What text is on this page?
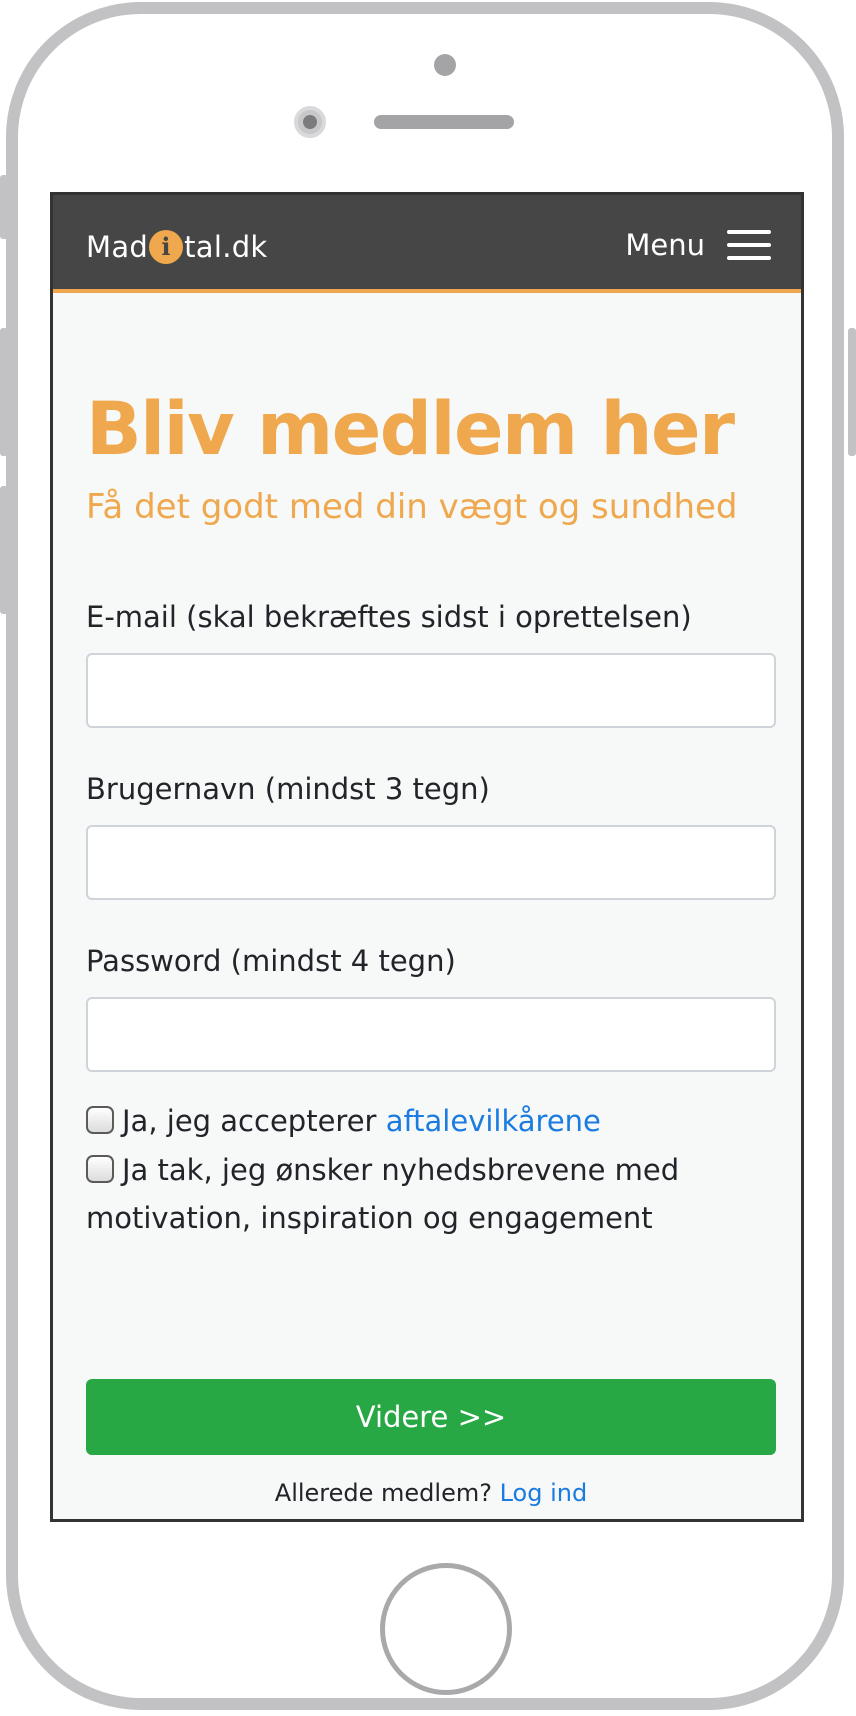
Mad i tal.dk	Menu
Bliv medlem her
Få det godt med din vægt og sundhed
E-mail (skal bekræftes sidst i oprettelsen)
Brugernavn (mindst 3 tegn)
Password (mindst 4 tegn)
Ja, jeg accepterer aftalevilkårene
Ja tak, jeg ønsker nyhedsbrevene med motivation, inspiration og engagement
Videre >>
Allerede medlem? Log ind
